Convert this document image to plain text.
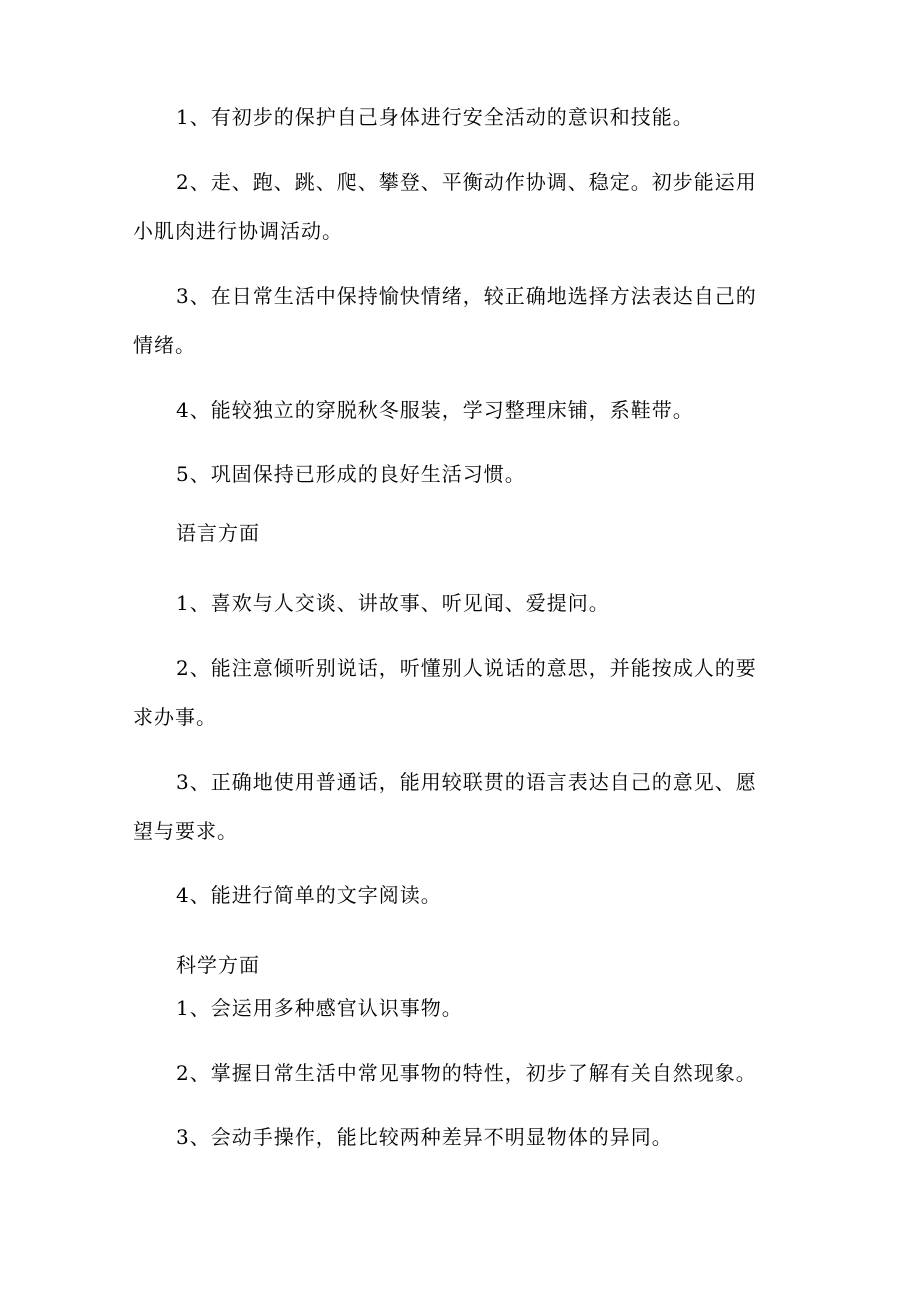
1、有初步的保护自己身体进行安全活动的意识和技能。
2、走、跑、跳、爬、攀登、平衡动作协调、稳定。初步能运用
小肌肉进行协调活动。
3、在日常生活中保持愉快情绪，较正确地选择方法表达自己的
情绪。
4、能较独立的穿脱秋冬服装，学习整理床铺，系鞋带。
5、巩固保持已形成的良好生活习惯。
语言方面
1、喜欢与人交谈、讲故事、听见闻、爱提问。
2、能注意倾听别说话，听懂别人说话的意思，并能按成人的要
求办事。
3、正确地使用普通话，能用较联贯的语言表达自己的意见、愿
望与要求。
4、能进行简单的文字阅读。
科学方面
1、会运用多种感官认识事物。
2、掌握日常生活中常见事物的特性，初步了解有关自然现象。
3、会动手操作，能比较两种差异不明显物体的异同。
